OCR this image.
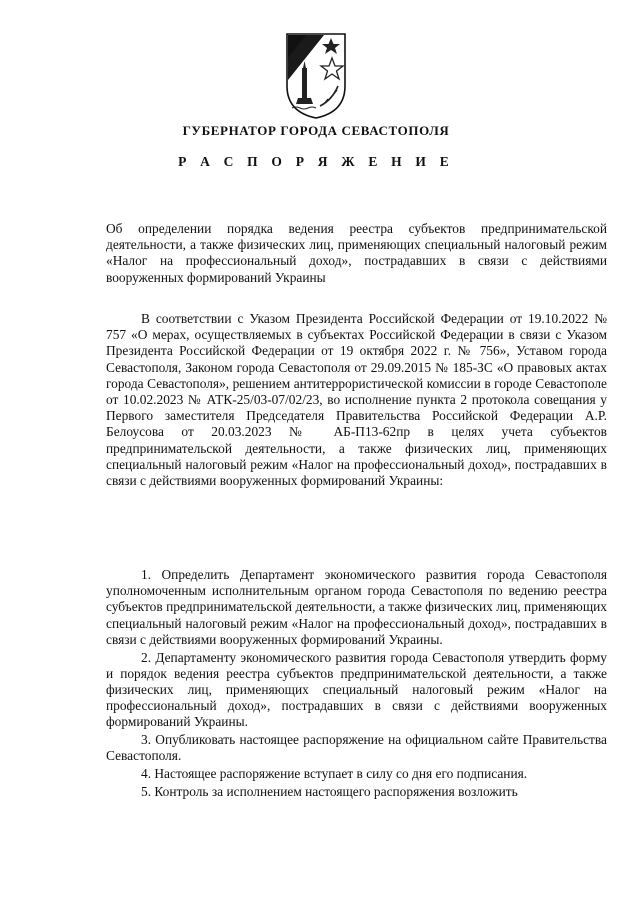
ГУБЕРНАТОР ГОРОДА СЕВАСТОПОЛЯ
Р А С П О Р Я Ж Е Н И Е

Об определении порядка ведения реестра субъектов предпринимательской деятельности, а также физических лиц, применяющих специальный налоговый режим «Налог на профессиональный доход», пострадавших в связи с действиями вооруженных формирований Украины

В соответствии с Указом Президента Российской Федерации от 19.10.2022 № 757 «О мерах, осуществляемых в субъектах Российской Федерации в связи с Указом Президента Российской Федерации от 19 октября 2022 г. № 756», Уставом города Севастополя, Законом города Севастополя от 29.09.2015 № 185-ЗС «О правовых актах города Севастополя», решением антитеррористической комиссии в городе Севастополе от 10.02.2023 № АТК-25/03-07/02/23, во исполнение пункта 2 протокола совещания у Первого заместителя Председателя Правительства Российской Федерации А.Р. Белоусова от 20.03.2023 № АБ-П13-62пр в целях учета субъектов предпринимательской деятельности, а также физических лиц, применяющих специальный налоговый режим «Налог на профессиональный доход», пострадавших в связи с действиями вооруженных формирований Украины:

1. Определить Департамент экономического развития города Севастополя уполномоченным исполнительным органом города Севастополя по ведению реестра субъектов предпринимательской деятельности, а также физических лиц, применяющих специальный налоговый режим «Налог на профессиональный доход», пострадавших в связи с действиями вооруженных формирований Украины.

2. Департаменту экономического развития города Севастополя утвердить форму и порядок ведения реестра субъектов предпринимательской деятельности, а также физических лиц, применяющих специальный налоговый режим «Налог на профессиональный доход», пострадавших в связи с действиями вооруженных формирований Украины.

3. Опубликовать настоящее распоряжение на официальном сайте Правительства Севастополя.

4. Настоящее распоряжение вступает в силу со дня его подписания.

5. Контроль за исполнением настоящего распоряжения возложить
